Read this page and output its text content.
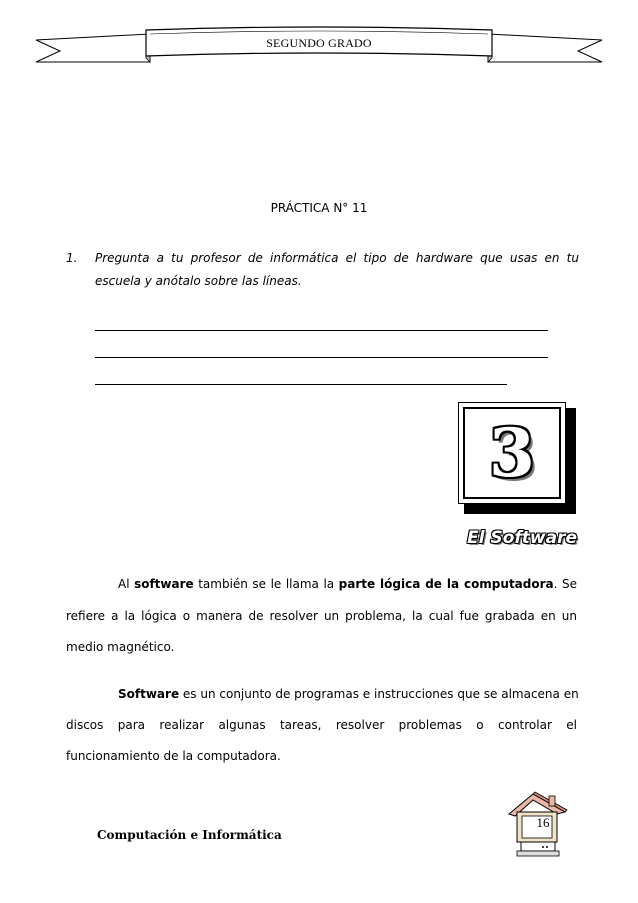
SEGUNDO GRADO
PRÁCTICA N° 11
1. Pregunta a tu profesor de informática el tipo de hardware que usas en tu
escuela y anótalo sobre las líneas.
3
El Software
Al software también se le llama la parte lógica de la computadora. Se
refiere a la lógica o manera de resolver un problema, la cual fue grabada en un
medio magnético.
Software es un conjunto de programas e instrucciones que se almacena en
discos para realizar algunas tareas, resolver problemas o controlar el
funcionamiento de la computadora.
Computación e Informática
16
